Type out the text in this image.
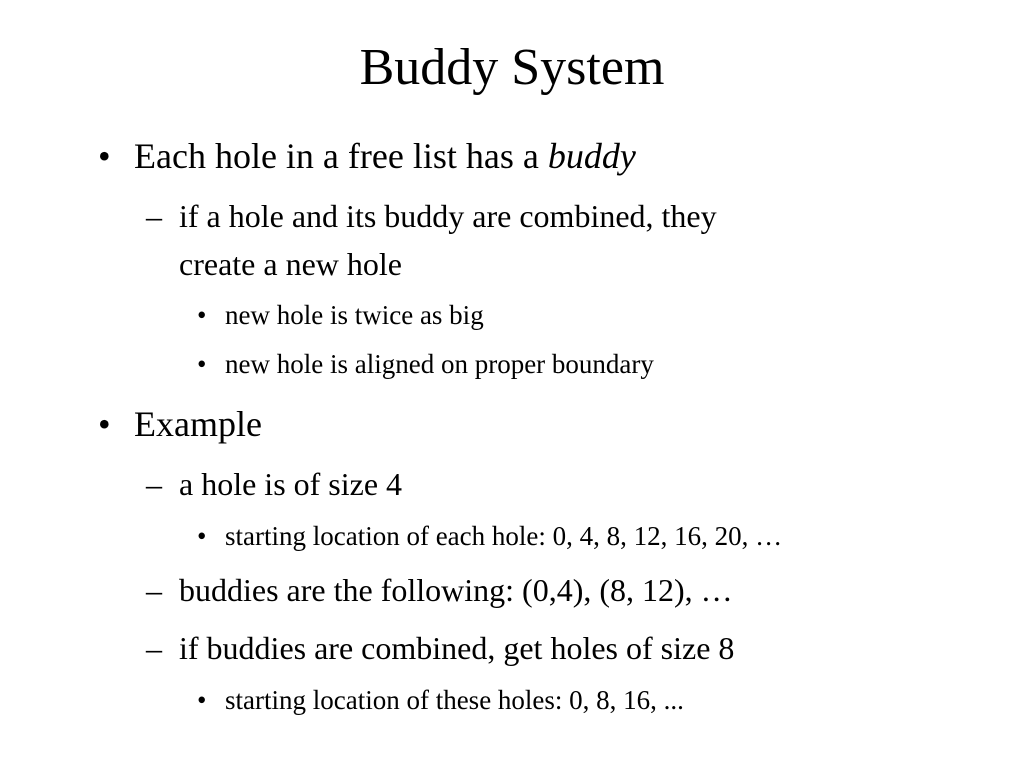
Buddy System
• Each hole in a free list has a buddy
– if a hole and its buddy are combined, they
create a new hole
• new hole is twice as big
• new hole is aligned on proper boundary
• Example
– a hole is of size 4
• starting location of each hole: 0, 4, 8, 12, 16, 20, …
– buddies are the following: (0,4), (8, 12), …
– if buddies are combined, get holes of size 8
• starting location of these holes: 0, 8, 16, ...
